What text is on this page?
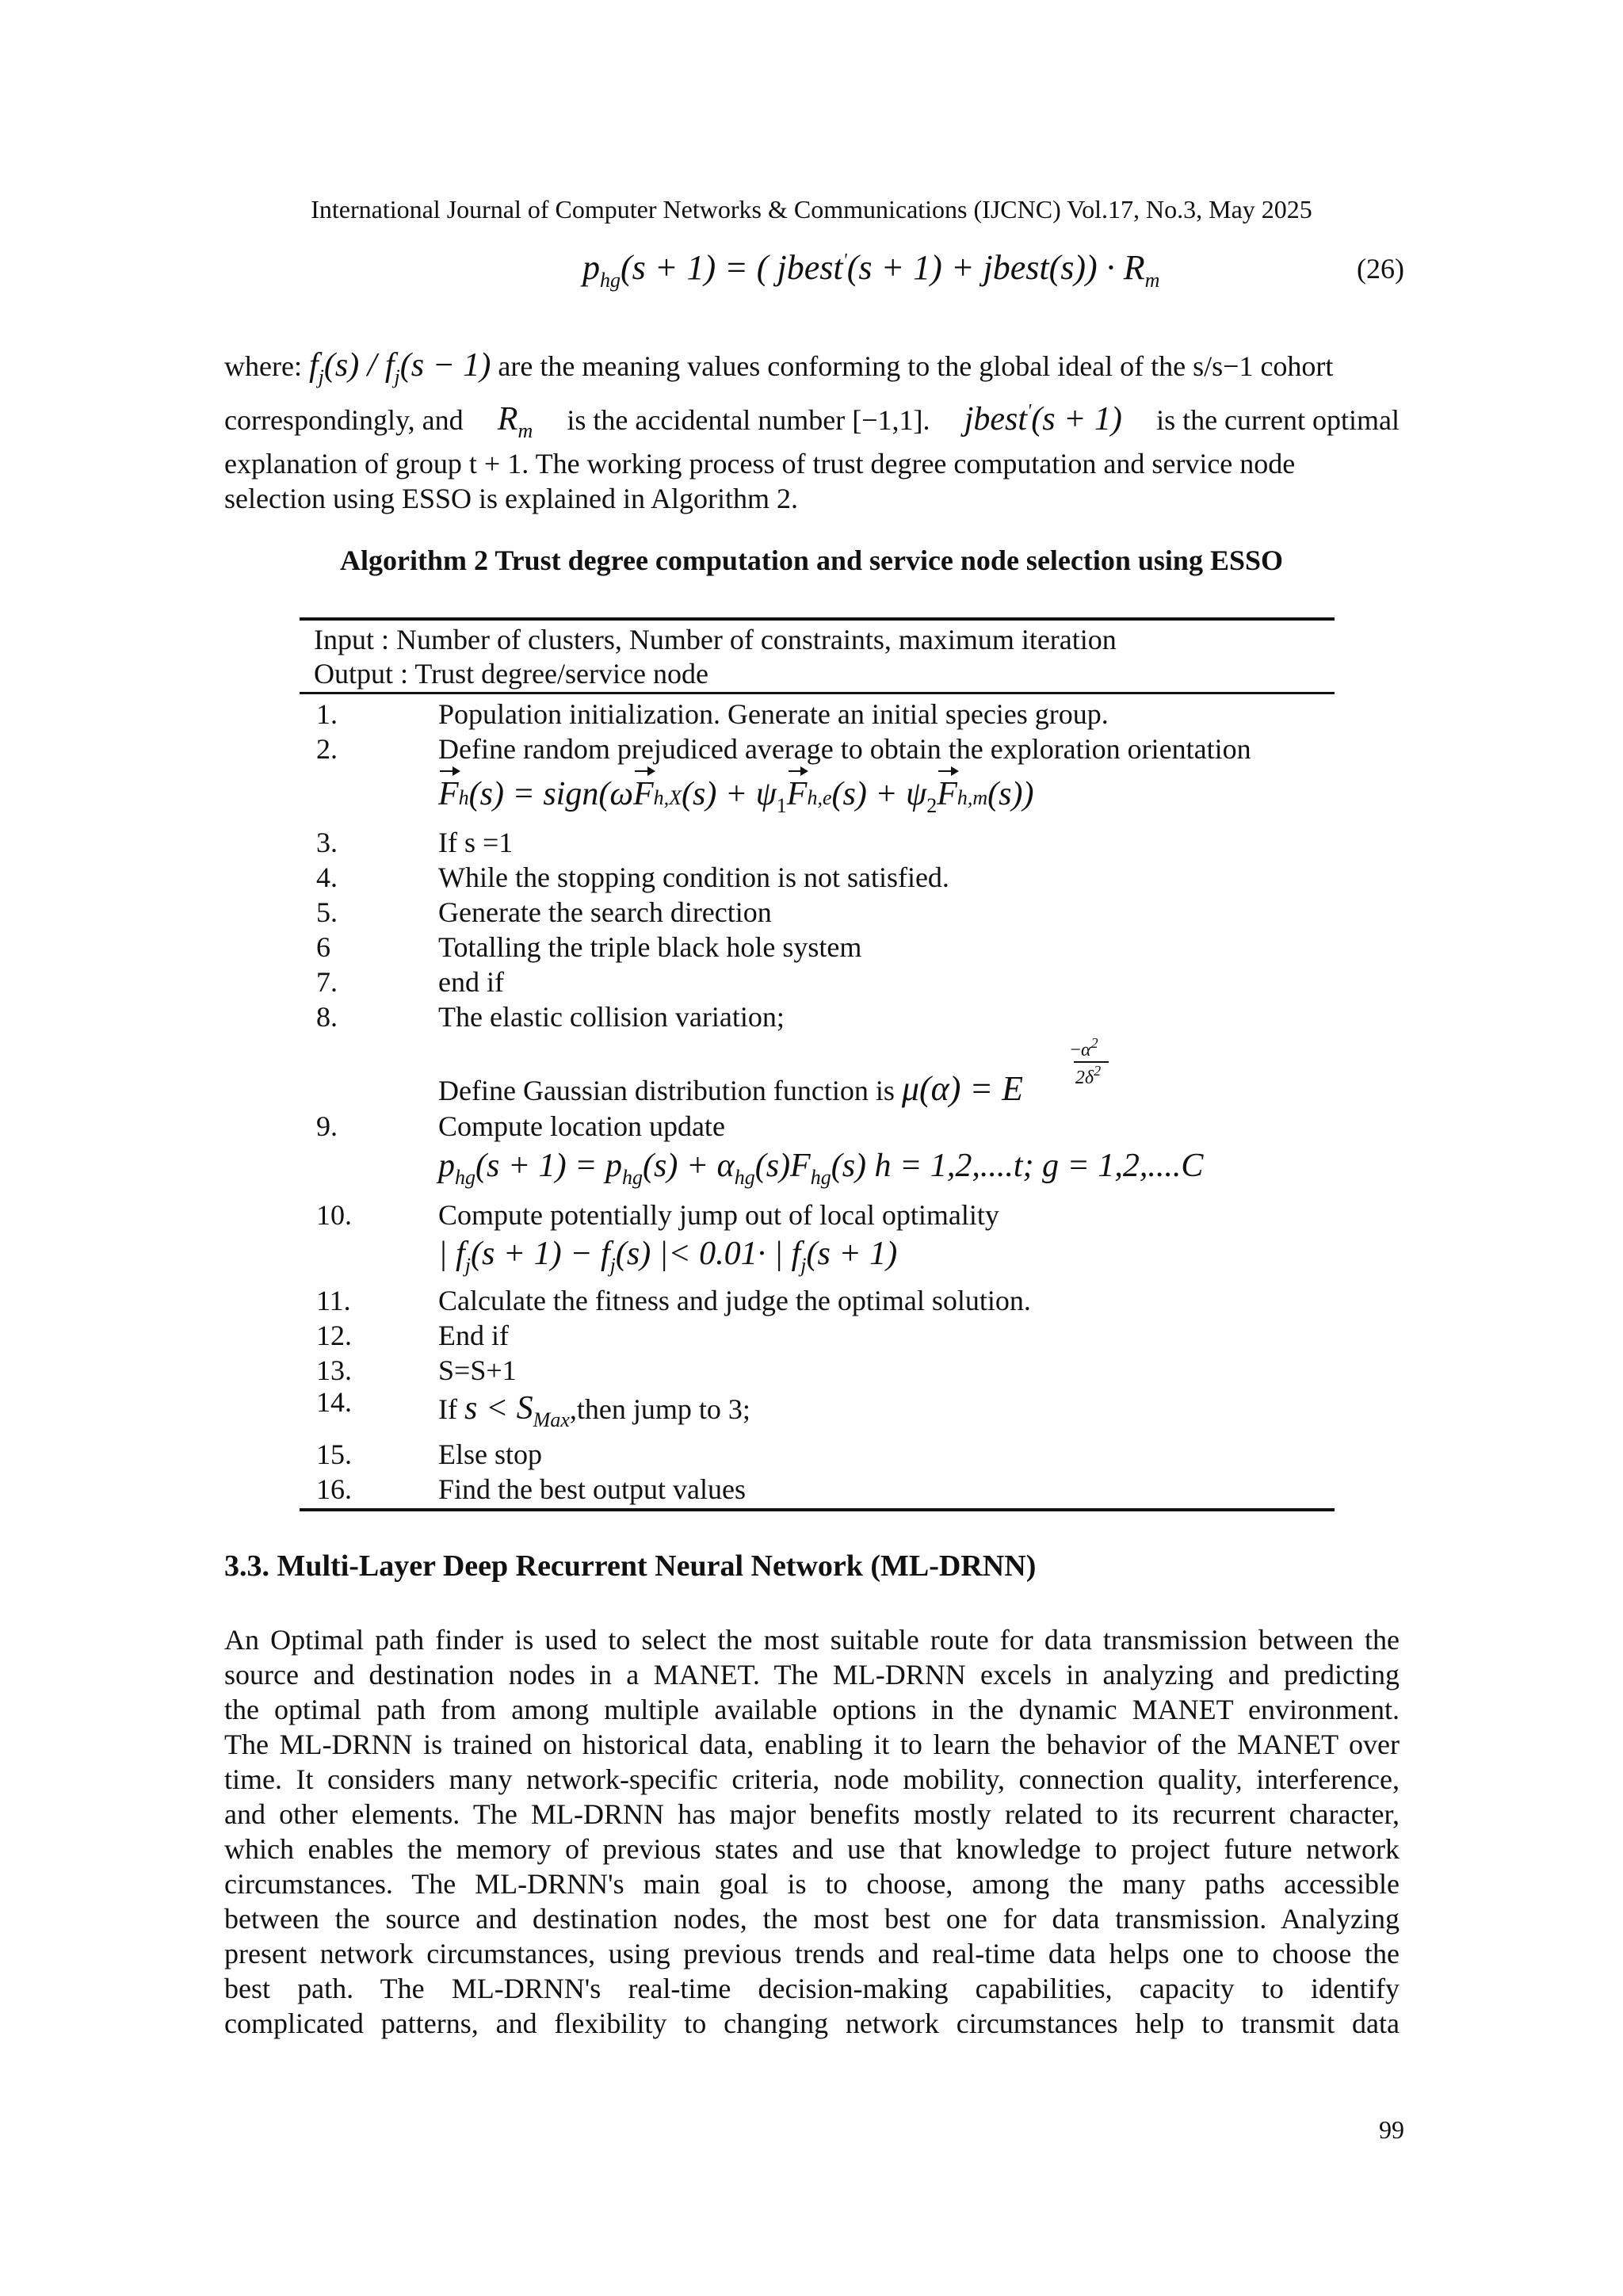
International Journal of Computer Networks & Communications (IJCNC) Vol.17, No.3, May 2025
$p_{hg}(s + 1)$ = ( jbest'(s + 1) + jbest(s)) · $R_m$	(26)
where: $f_j(s) / f_j(s - 1)$ are the meaning values conforming to the global ideal of the s/s−1 cohort
correspondingly, and $R_m$ is the accidental number [−1,1]. jbest'(s + 1) is the current optimal
explanation of group t + 1. The working process of trust degree computation and service node
selection using ESSO is explained in Algorithm 2.
Algorithm 2 Trust degree computation and service node selection using ESSO
Input : Number of clusters, Number of constraints, maximum iteration
Output : Trust degree/service node
1.	Population initialization. Generate an initial species group.
2.	Define random prejudiced average to obtain the exploration orientation
Fh(s) = sign(ωFh,X(s) + $\psi_1Fh,e(s) + \psi_2Fh,m(s)$)
3.	If s =1
4.	While the stopping condition is not satisfied.
5.	Generate the search direction
6	Totalling the triple black hole system
7.	end if
8.	The elastic collision variation;
Define Gaussian distribution function is μ(α) = E
$-\alpha^2$
$2\delta^2$
9.	Compute location update
$p_{hg}(s + 1) = p_{hg}(s) + \alpha_{hg}(s)F_{hg}(s) h = 1,2,....t$; g = 1,2,....C
10.	Compute potentially jump out of local optimality
| $f_j(s + 1) - f_j(s)$ |< 0.01· | $f_j(s + 1)$
11.	Calculate the fitness and judge the optimal solution.
12.	End if
13.	S=S+1
14.	If $s < S_{Max},then$ jump to 3;
15.	Else stop
16.	Find the best output values
3.3. Multi-Layer Deep Recurrent Neural Network (ML-DRNN)
An Optimal path finder is used to select the most suitable route for data transmission between the
source and destination nodes in a MANET. The ML-DRNN excels in analyzing and predicting
the optimal path from among multiple available options in the dynamic MANET environment.
The ML-DRNN is trained on historical data, enabling it to learn the behavior of the MANET over
time. It considers many network-specific criteria, node mobility, connection quality, interference,
and other elements. The ML-DRNN has major benefits mostly related to its recurrent character,
which enables the memory of previous states and use that knowledge to project future network
circumstances. The ML-DRNN's main goal is to choose, among the many paths accessible
between the source and destination nodes, the most best one for data transmission. Analyzing
present network circumstances, using previous trends and real-time data helps one to choose the
best path. The ML-DRNN's real-time decision-making capabilities, capacity to identify
complicated patterns, and flexibility to changing network circumstances help to transmit data
99
